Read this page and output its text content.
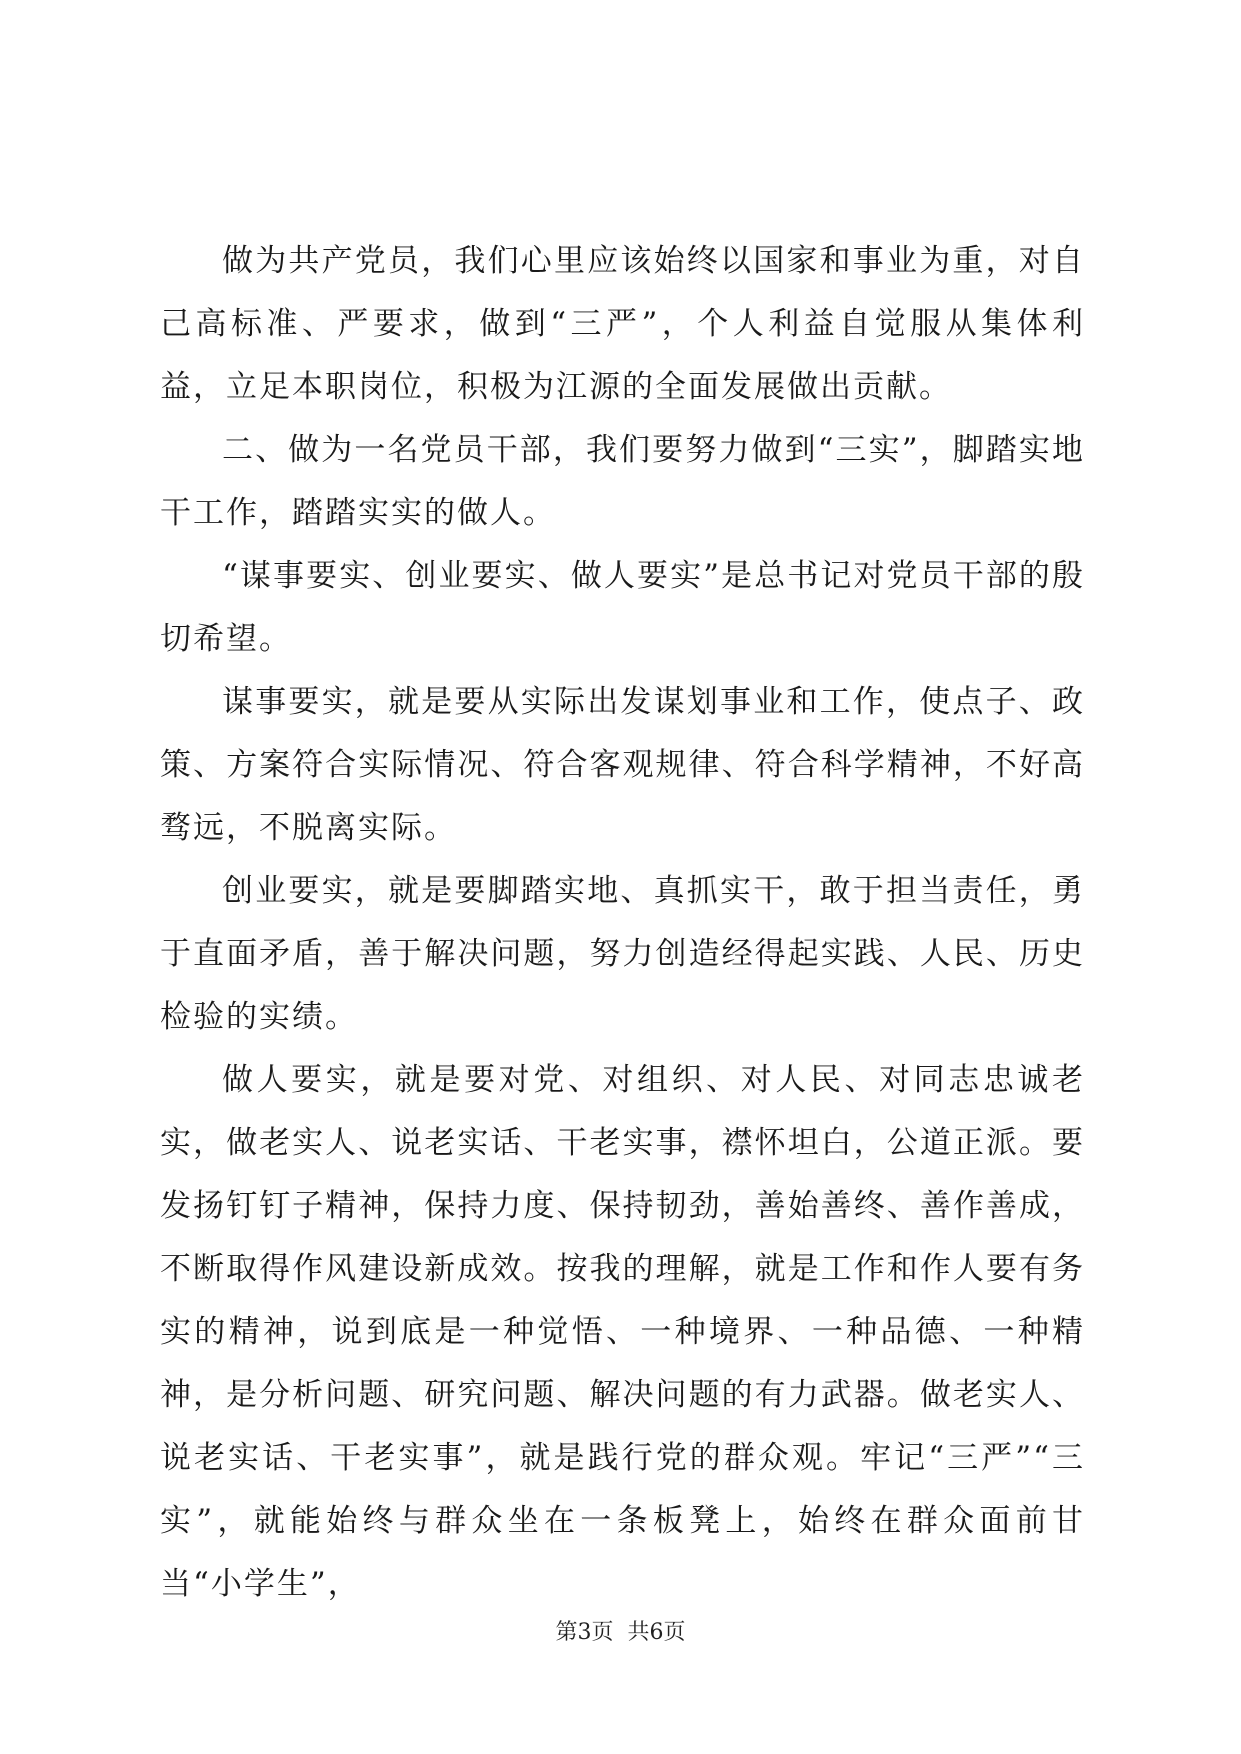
做为共产党员，我们心里应该始终以国家和事业为重，对自己高标准、严要求，做到“三严”，个人利益自觉服从集体利益，立足本职岗位，积极为江源的全面发展做出贡献。

二、做为一名党员干部，我们要努力做到“三实”，脚踏实地干工作，踏踏实实的做人。

“谋事要实、创业要实、做人要实”是总书记对党员干部的殷切希望。

谋事要实，就是要从实际出发谋划事业和工作，使点子、政策、方案符合实际情况、符合客观规律、符合科学精神，不好高骛远，不脱离实际。

创业要实，就是要脚踏实地、真抓实干，敢于担当责任，勇于直面矛盾，善于解决问题，努力创造经得起实践、人民、历史检验的实绩。

做人要实，就是要对党、对组织、对人民、对同志忠诚老实，做老实人、说老实话、干老实事，襟怀坦白，公道正派。要发扬钉钉子精神，保持力度、保持韧劲，善始善终、善作善成，不断取得作风建设新成效。按我的理解，就是工作和作人要有务实的精神，说到底是一种觉悟、一种境界、一种品德、一种精神，是分析问题、研究问题、解决问题的有力武器。做老实人、说老实话、干老实事”，就是践行党的群众观。牢记“三严”“三实”，就能始终与群众坐在一条板凳上，始终在群众面前甘当“小学生”，

第3页  共6页
